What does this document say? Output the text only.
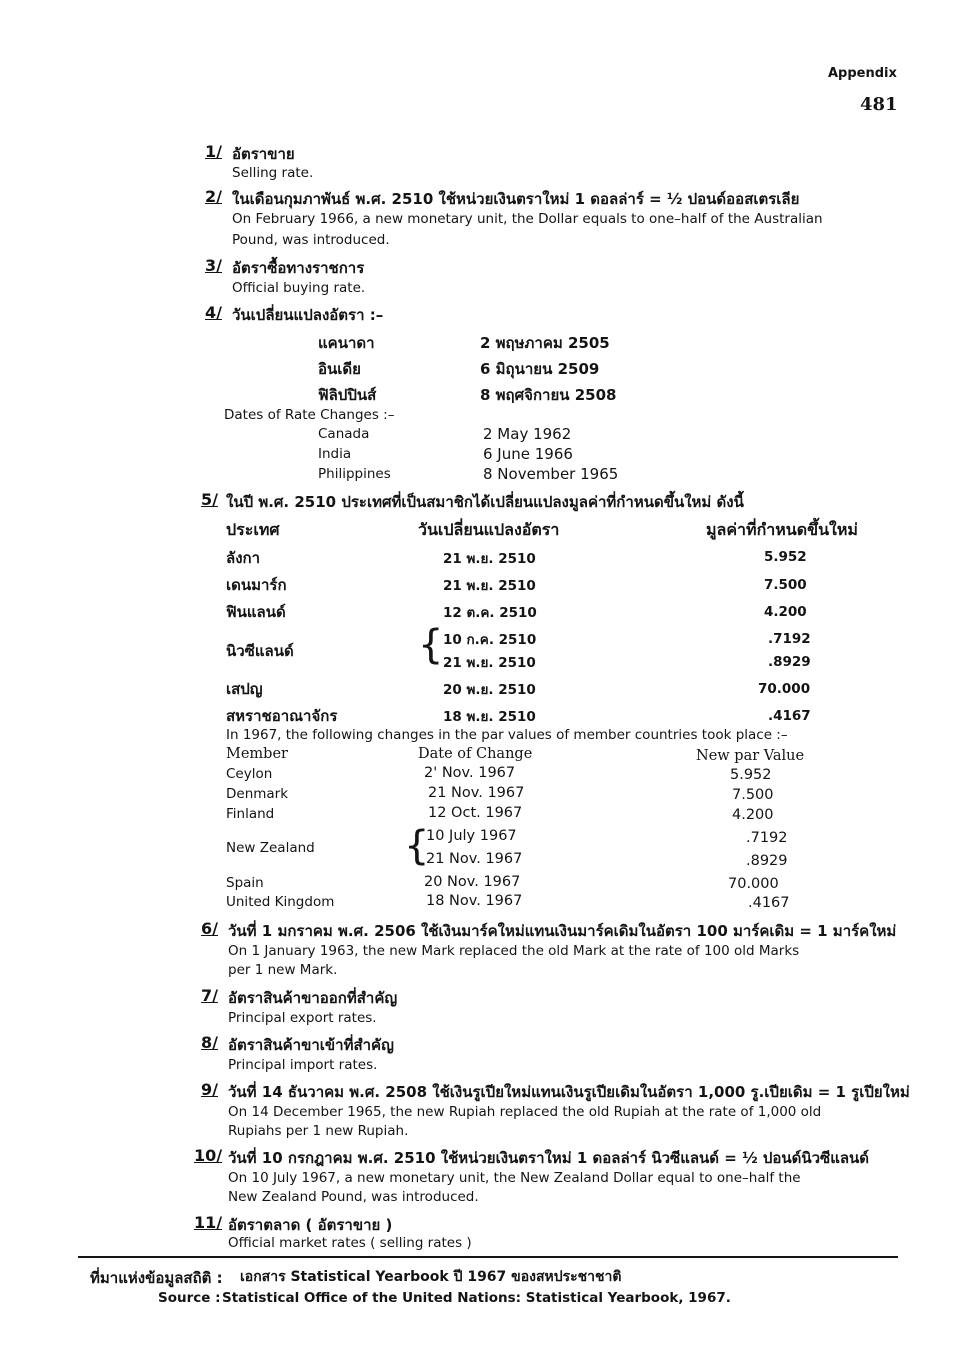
Appendix
481
1/ อัตราขาย
Selling rate.
2/ ในเดือนกุมภาพันธ์ พ.ศ. 2510 ใช้หน่วยเงินตราใหม่ 1 ดอลล่าร์ = ½ ปอนด์ออสเตรเลีย
On February 1966, a new monetary unit, the Dollar equals to one–half of the Australian
Pound, was introduced.
3/ อัตราซื้อทางราชการ
Official buying rate.
4/ วันเปลี่ยนแปลงอัตรา :–
แคนาดา	2 พฤษภาคม 2505
อินเดีย	6 มิถุนายน 2509
ฟิลิปปินส์	8 พฤศจิกายน 2508
Dates of Rate Changes :–
Canada	2 May 1962
India	6 June 1966
Philippines	8 November 1965
5/ ในปี พ.ศ. 2510 ประเทศที่เป็นสมาชิกได้เปลี่ยนแปลงมูลค่าที่กำหนดขึ้นใหม่ ดังนี้
ประเทศ	วันเปลี่ยนแปลงอัตรา	มูลค่าที่กำหนดขึ้นใหม่
ลังกา	21 พ.ย. 2510	5.952
เดนมาร์ก	21 พ.ย. 2510	7.500
ฟินแลนด์	12 ต.ค. 2510	4.200
นิวซีแลนด์	{ 10 ก.ค. 2510	.7192
21 พ.ย. 2510	.8929
เสปญ	20 พ.ย. 2510	70.000
สหราชอาณาจักร	18 พ.ย. 2510	.4167
In 1967, the following changes in the par values of member countries took place :–
Member	Date of Change	New par Value
Ceylon	2' Nov. 1967	5.952
Denmark	21 Nov. 1967	7.500
Finland	12 Oct. 1967	4.200
New Zealand {
10 July 1967	.7192
21 Nov. 1967	.8929
Spain	20 Nov. 1967	70.000
United Kingdom	18 Nov. 1967	.4167
6/ วันที่ 1 มกราคม พ.ศ. 2506 ใช้เงินมาร์คใหม่แทนเงินมาร์คเดิมในอัตรา 100 มาร์คเดิม = 1 มาร์คใหม่
On 1 January 1963, the new Mark replaced the old Mark at the rate of 100 old Marks
per 1 new Mark.
7/ อัตราสินค้าขาออกที่สำคัญ
Principal export rates.
8/ อัตราสินค้าขาเข้าที่สำคัญ
Principal import rates.
9/ วันที่ 14 ธันวาคม พ.ศ. 2508 ใช้เงินรูเปียใหม่แทนเงินรูเปียเดิมในอัตรา 1,000 รู.เปียเดิม = 1 รูเปียใหม่
On 14 December 1965, the new Rupiah replaced the old Rupiah at the rate of 1,000 old
Rupiahs per 1 new Rupiah.
10/ วันที่ 10 กรกฎาคม พ.ศ. 2510 ใช้หน่วยเงินตราใหม่ 1 ดอลล่าร์ นิวซีแลนด์ = ½ ปอนด์นิวซีแลนด์
On 10 July 1967, a new monetary unit, the New Zealand Dollar equal to one–half the
New Zealand Pound, was introduced.
11/ อัตราตลาด ( อัตราขาย )
Official market rates ( selling rates )
ที่มาแห่งข้อมูลสถิติ : เอกสาร Statistical Yearbook ปี 1967 ของสหประชาชาติ
Source : Statistical Office of the United Nations: Statistical Yearbook, 1967.
